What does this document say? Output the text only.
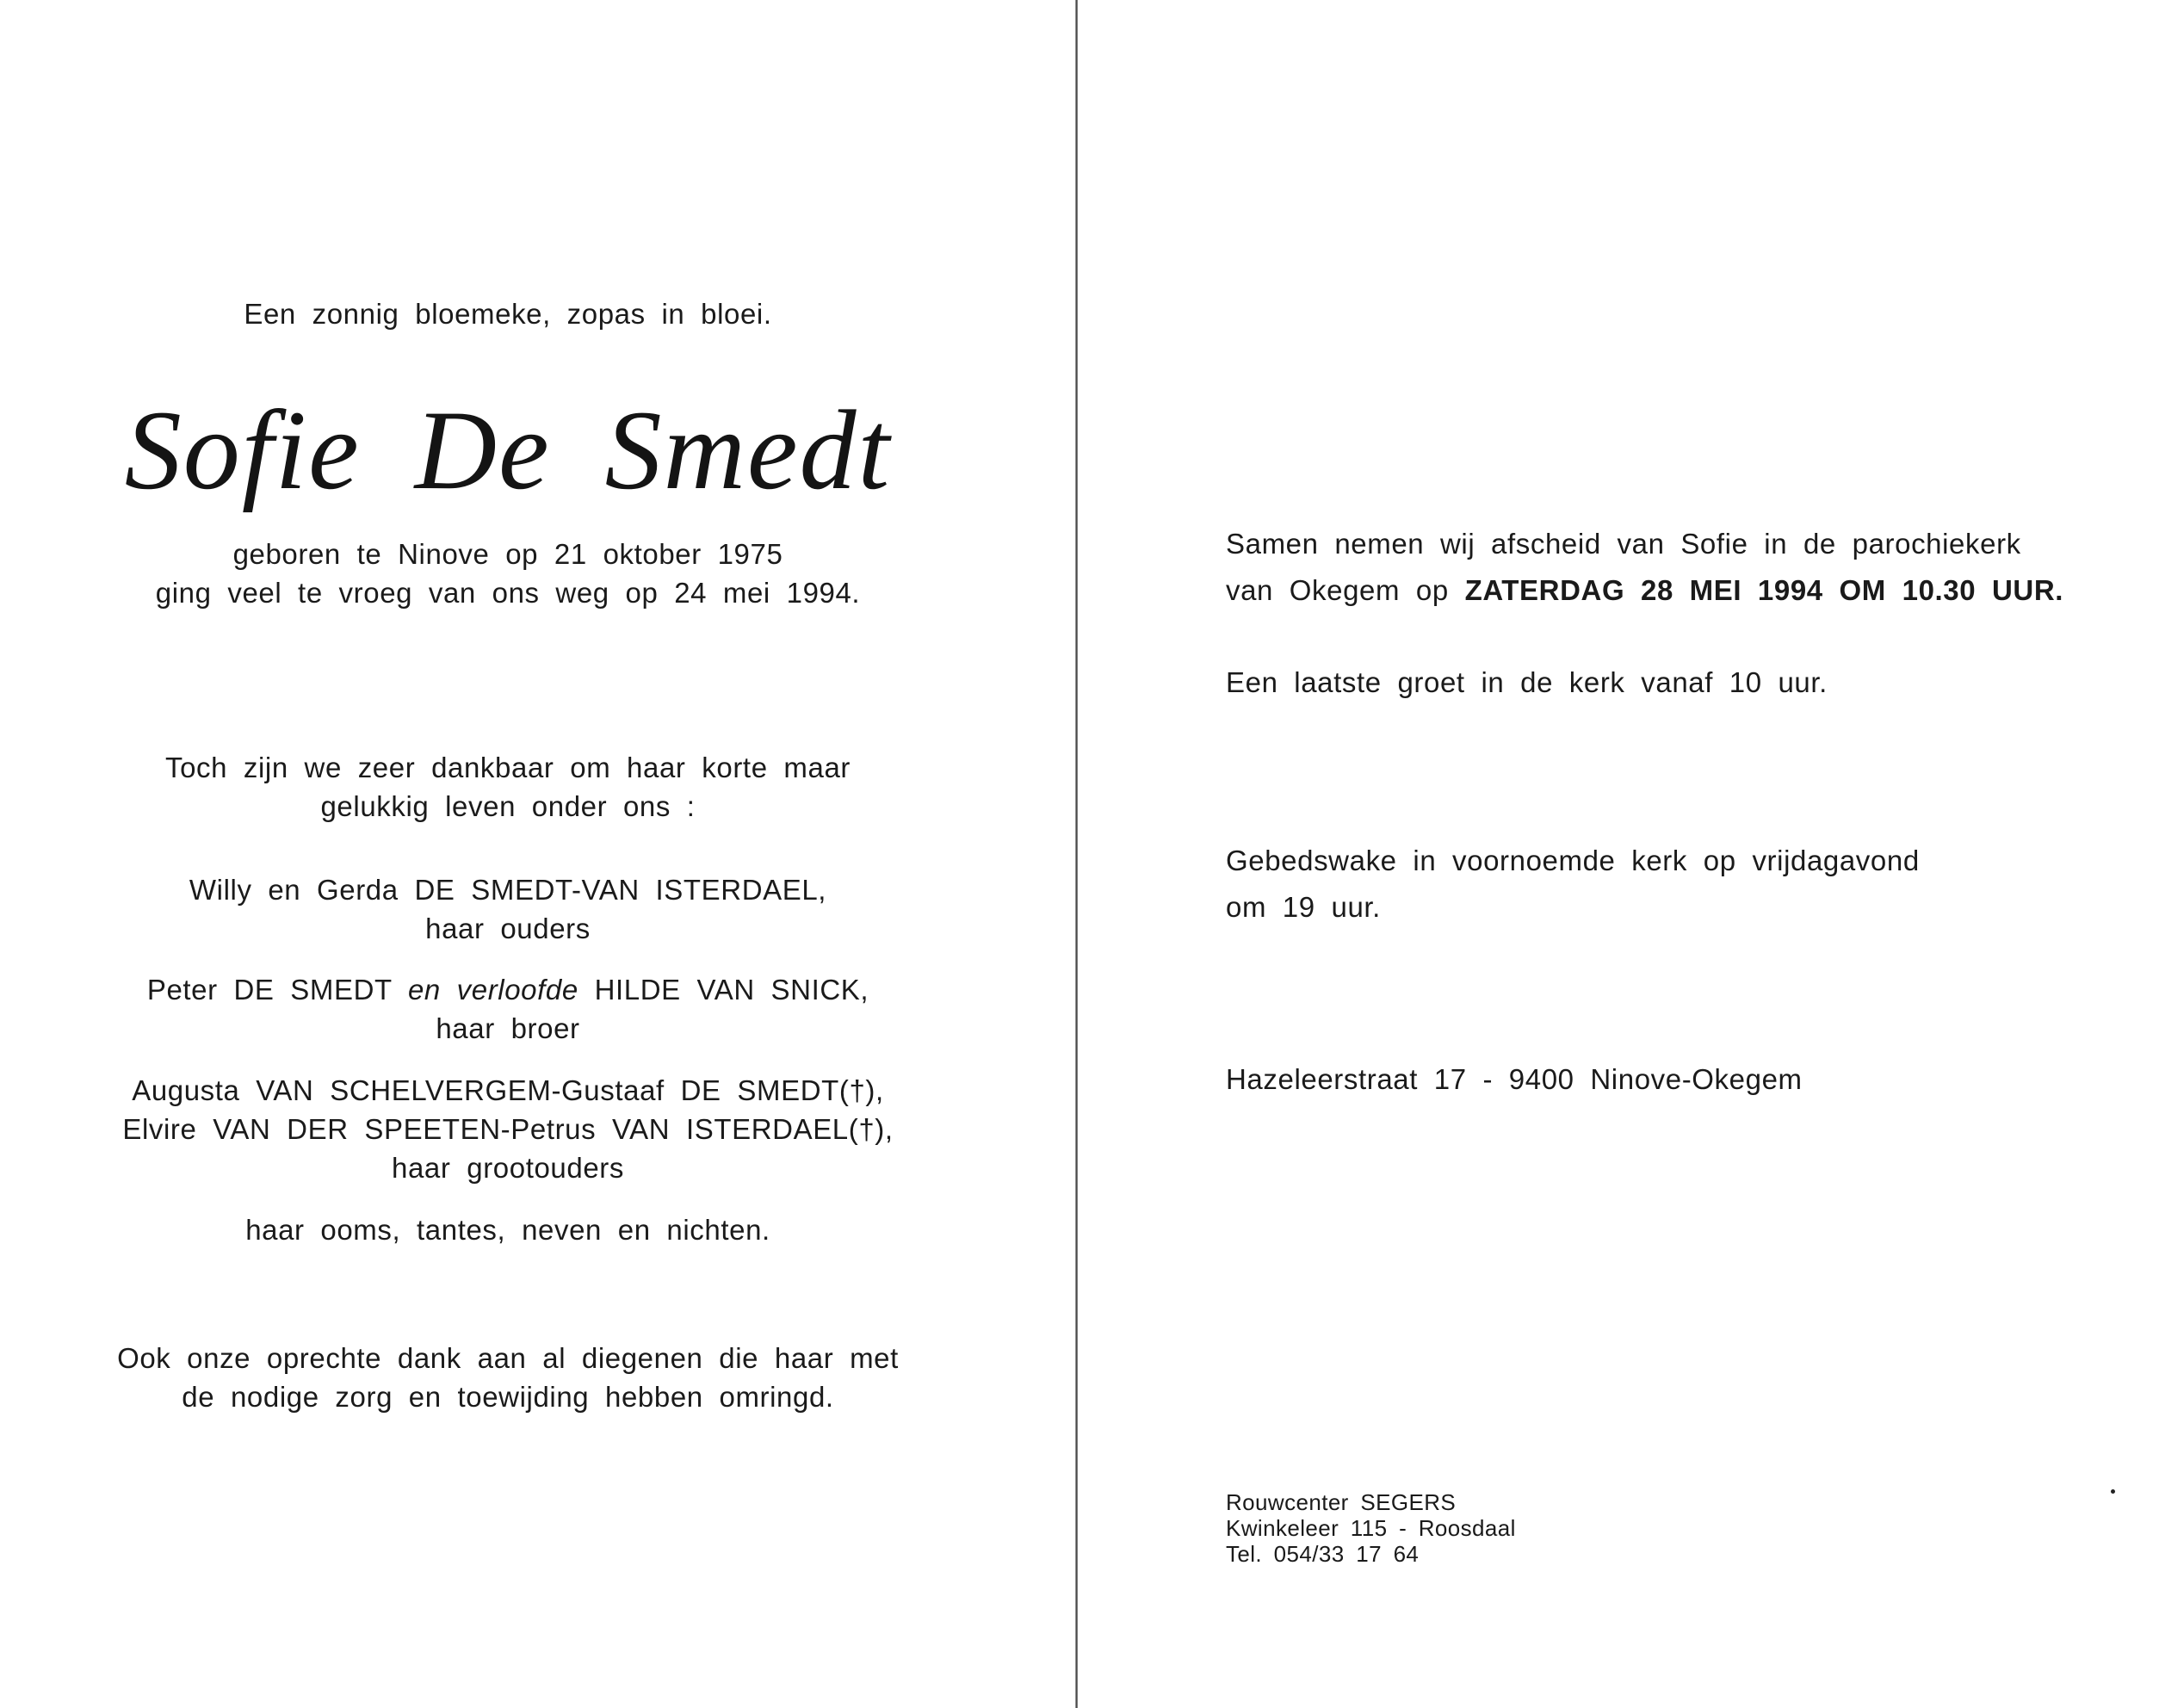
Een zonnig bloemeke, zopas in bloei.
Sofie De Smedt
geboren te Ninove op 21 oktober 1975
ging veel te vroeg van ons weg op 24 mei 1994.
Toch zijn we zeer dankbaar om haar korte maar
gelukkig leven onder ons :
Willy en Gerda DE SMEDT-VAN ISTERDAEL,
haar ouders
Peter DE SMEDT en verloofde HILDE VAN SNICK,
haar broer
Augusta VAN SCHELVERGEM-Gustaaf DE SMEDT(†),
Elvire VAN DER SPEETEN-Petrus VAN ISTERDAEL(†),
haar grootouders
haar ooms, tantes, neven en nichten.
Ook onze oprechte dank aan al diegenen die haar met
de nodige zorg en toewijding hebben omringd.
Samen nemen wij afscheid van Sofie in de parochiekerk
van Okegem op ZATERDAG 28 MEI 1994 OM 10.30 UUR.
Een laatste groet in de kerk vanaf 10 uur.
Gebedswake in voornoemde kerk op vrijdagavond
om 19 uur.
Hazeleerstraat 17 - 9400 Ninove-Okegem
Rouwcenter SEGERS
Kwinkeleer 115 - Roosdaal
Tel. 054/33 17 64
